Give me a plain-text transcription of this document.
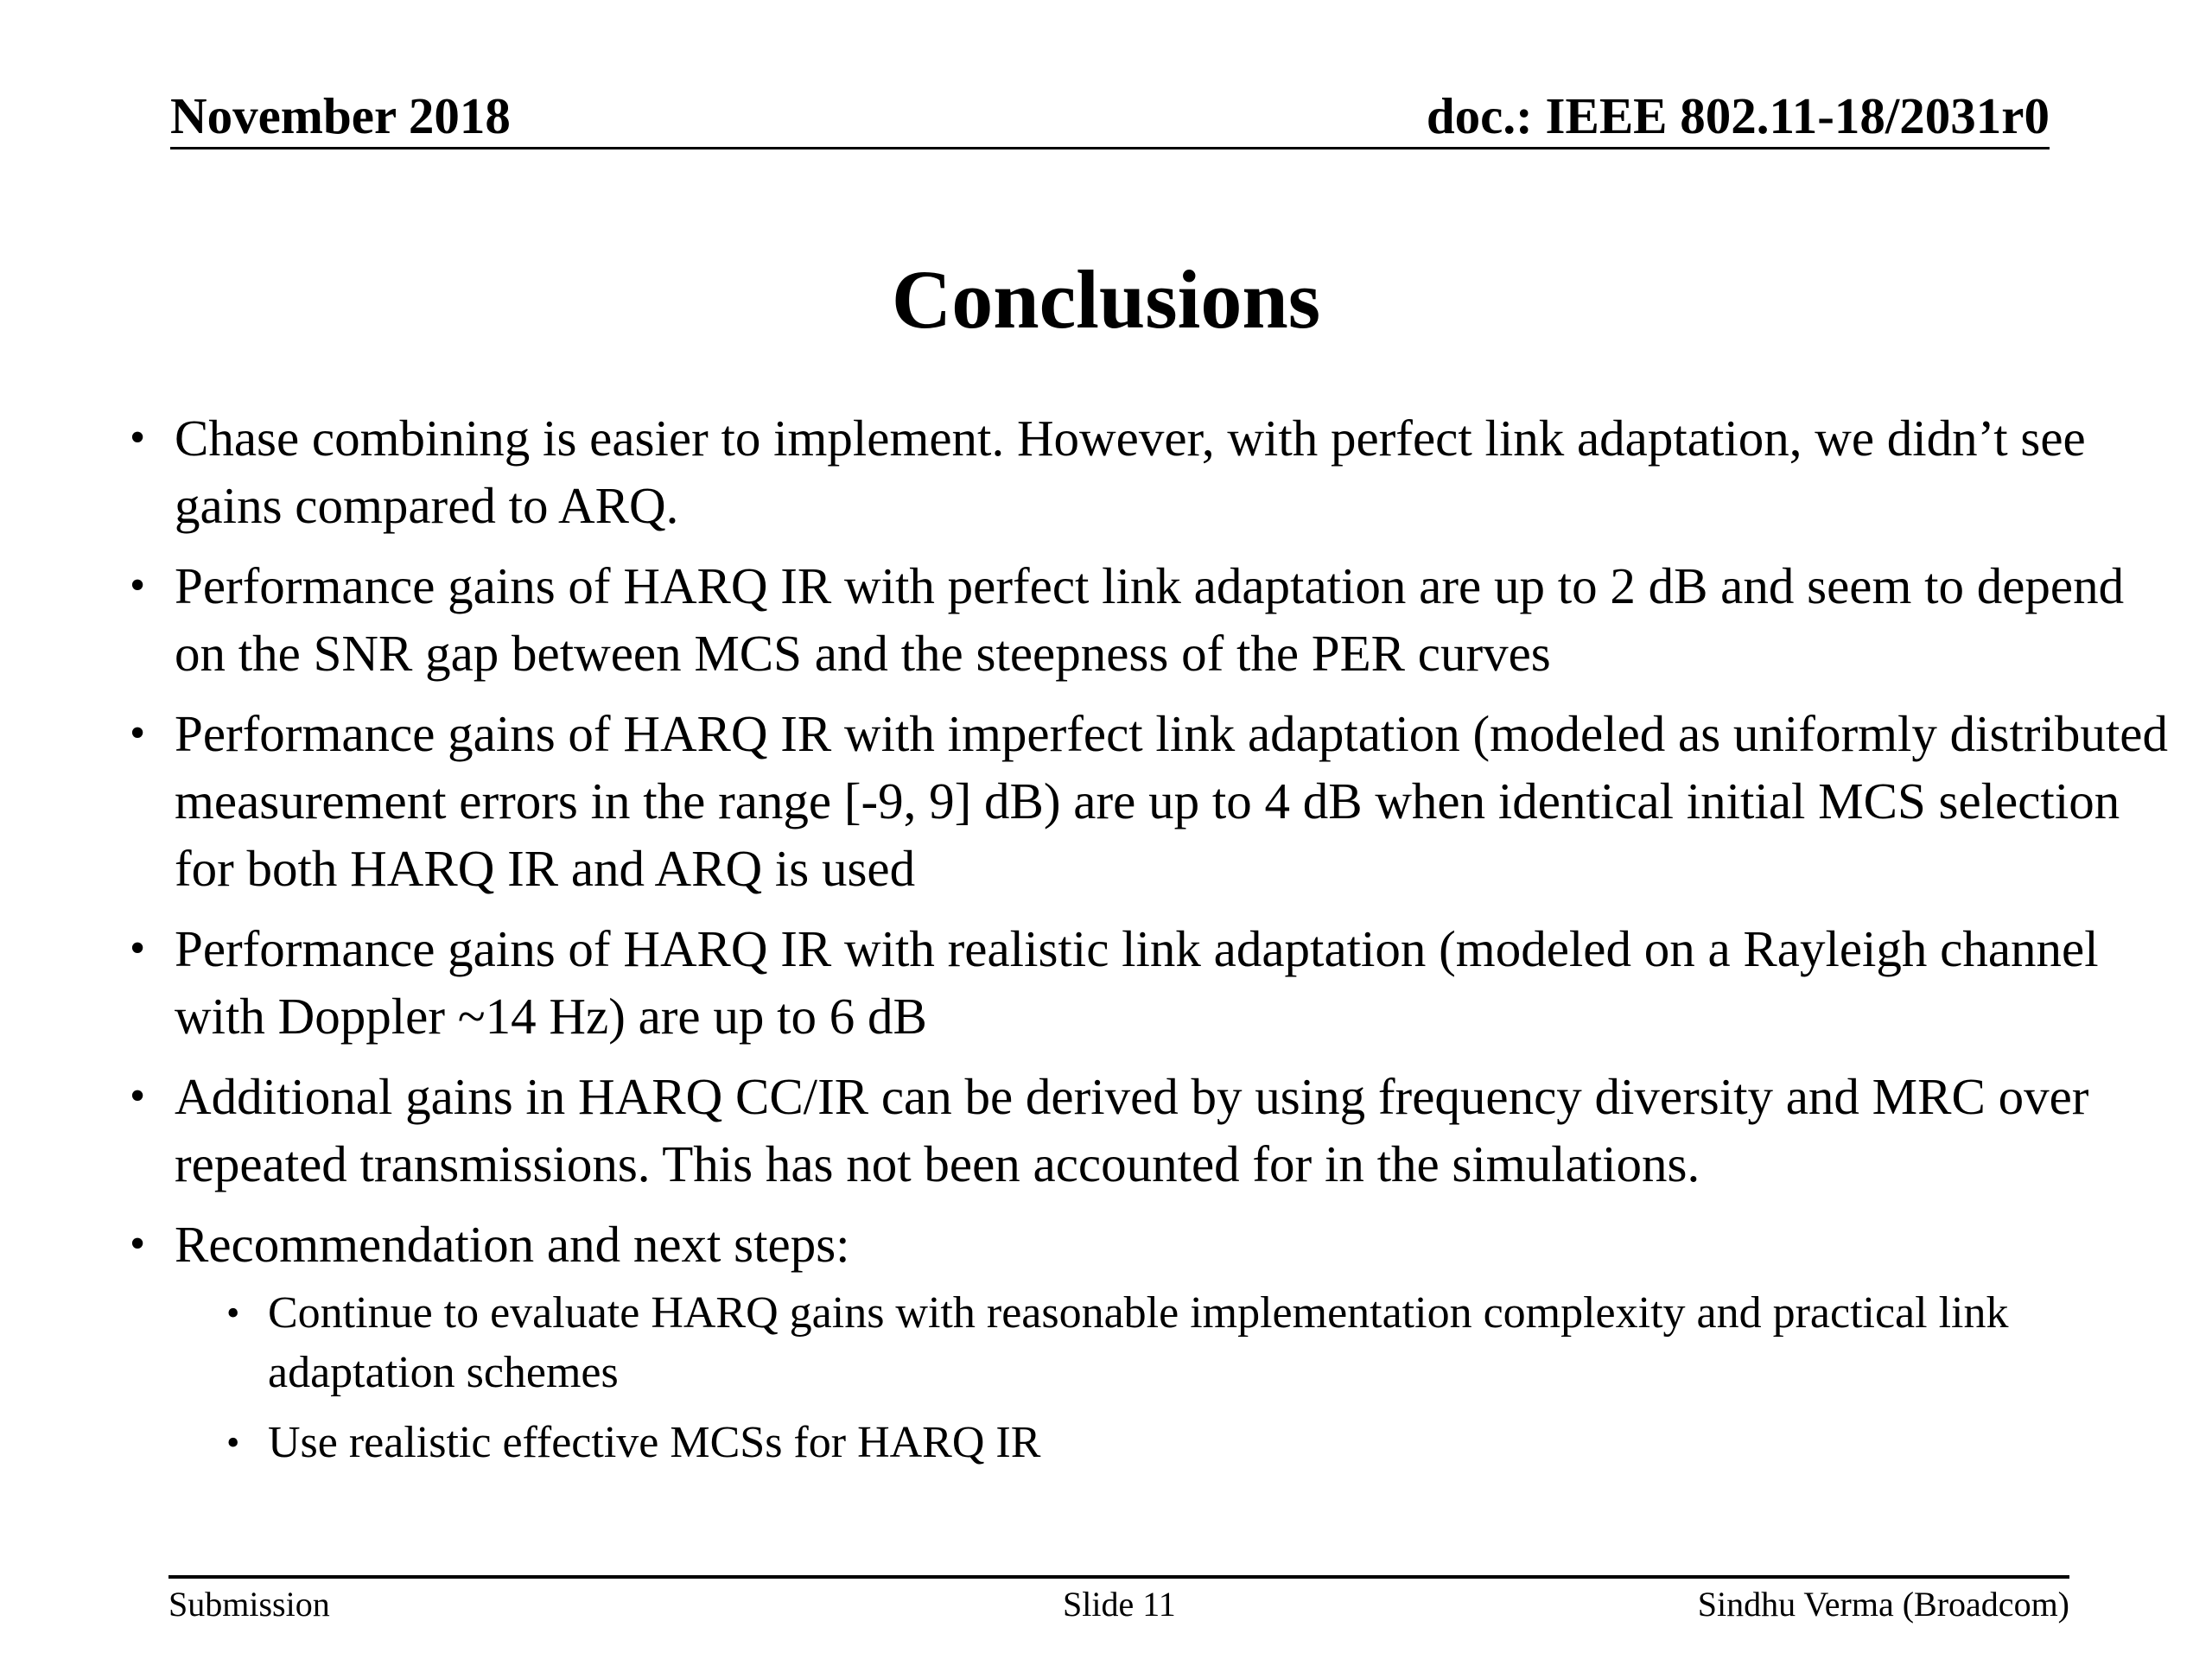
November 2018	doc.: IEEE 802.11-18/2031r0
Conclusions
• Chase combining is easier to implement. However, with perfect link adaptation, we didn’t see gains compared to ARQ.
• Performance gains of HARQ IR with perfect link adaptation are up to 2 dB and seem to depend on the SNR gap between MCS and the steepness of the PER curves
• Performance gains of HARQ IR with imperfect link adaptation (modeled as uniformly distributed measurement errors in the range [-9, 9] dB) are up to 4 dB when identical initial MCS selection for both HARQ IR and ARQ is used
• Performance gains of HARQ IR with realistic link adaptation (modeled on a Rayleigh channel with Doppler ~14 Hz) are up to 6 dB
• Additional gains in HARQ CC/IR can be derived by using frequency diversity and MRC over repeated transmissions. This has not been accounted for in the simulations.
• Recommendation and next steps:
• Continue to evaluate HARQ gains with reasonable implementation complexity and practical link adaptation schemes
• Use realistic effective MCSs for HARQ IR
Submission	Slide 11	Sindhu Verma (Broadcom)
